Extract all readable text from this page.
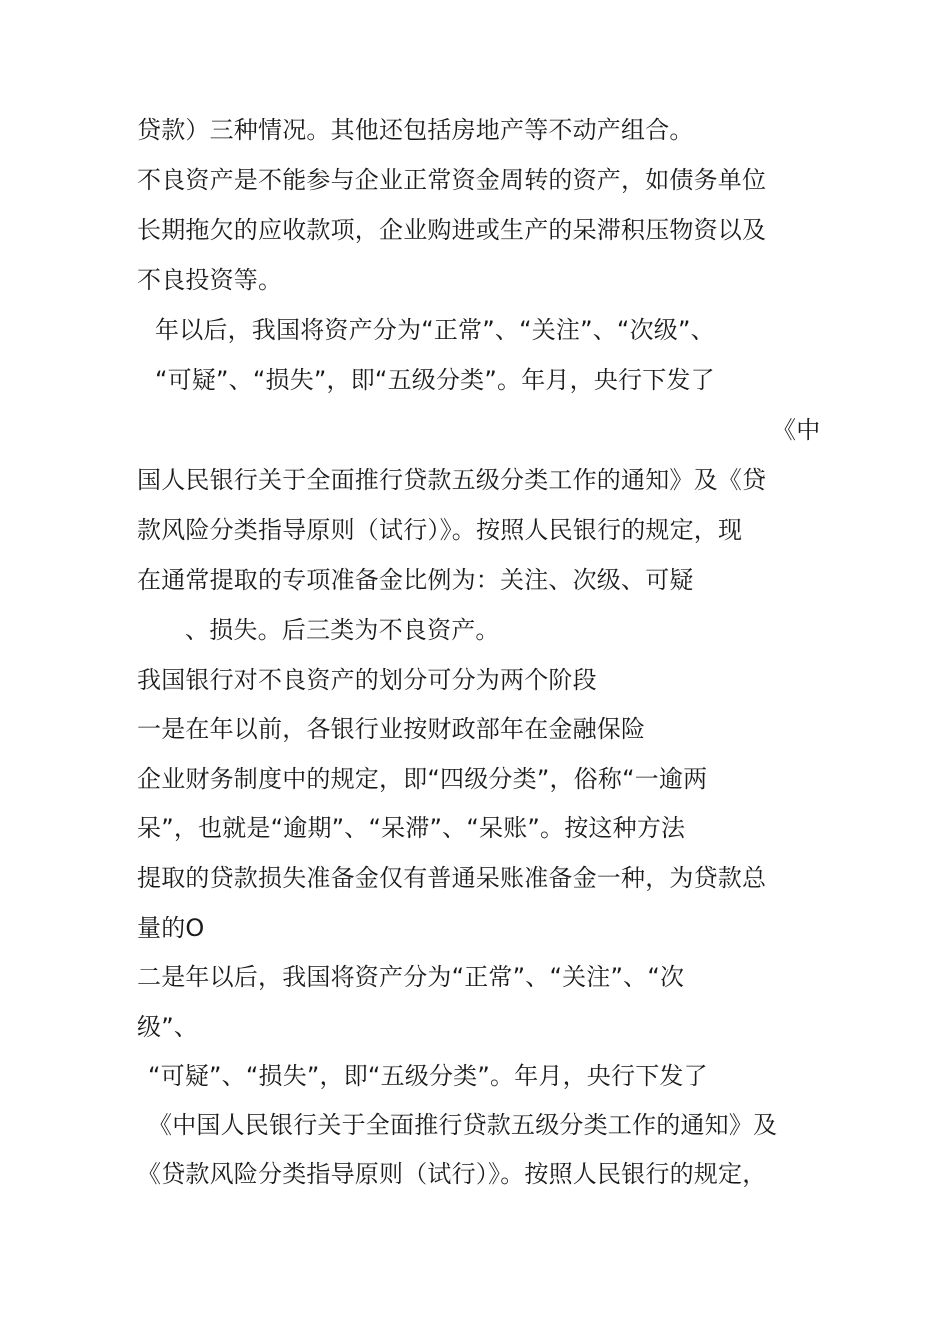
贷款）三种情况。其他还包括房地产等不动产组合。
不良资产是不能参与企业正常资金周转的资产，如债务单位
长期拖欠的应收款项，企业购进或生产的呆滞积压物资以及
不良投资等。
年以后，我国将资产分为“正常”、“关注”、“次级”、
“可疑”、“损失”，即“五级分类”。年月，央行下发了
《中
国人民银行关于全面推行贷款五级分类工作的通知》及《贷
款风险分类指导原则（试行）》。按照人民银行的规定，现
在通常提取的专项准备金比例为：关注、次级、可疑
、损失。后三类为不良资产。
我国银行对不良资产的划分可分为两个阶段
一是在年以前，各银行业按财政部年在金融保险
企业财务制度中的规定，即“四级分类”，俗称“一逾两
呆”，也就是“逾期”、“呆滞”、“呆账”。按这种方法
提取的贷款损失准备金仅有普通呆账准备金一种，为贷款总
量的O
二是年以后，我国将资产分为“正常”、“关注”、“次
级”、
“可疑”、“损失”，即“五级分类”。年月，央行下发了
《中国人民银行关于全面推行贷款五级分类工作的通知》及
《贷款风险分类指导原则（试行）》。按照人民银行的规定，
